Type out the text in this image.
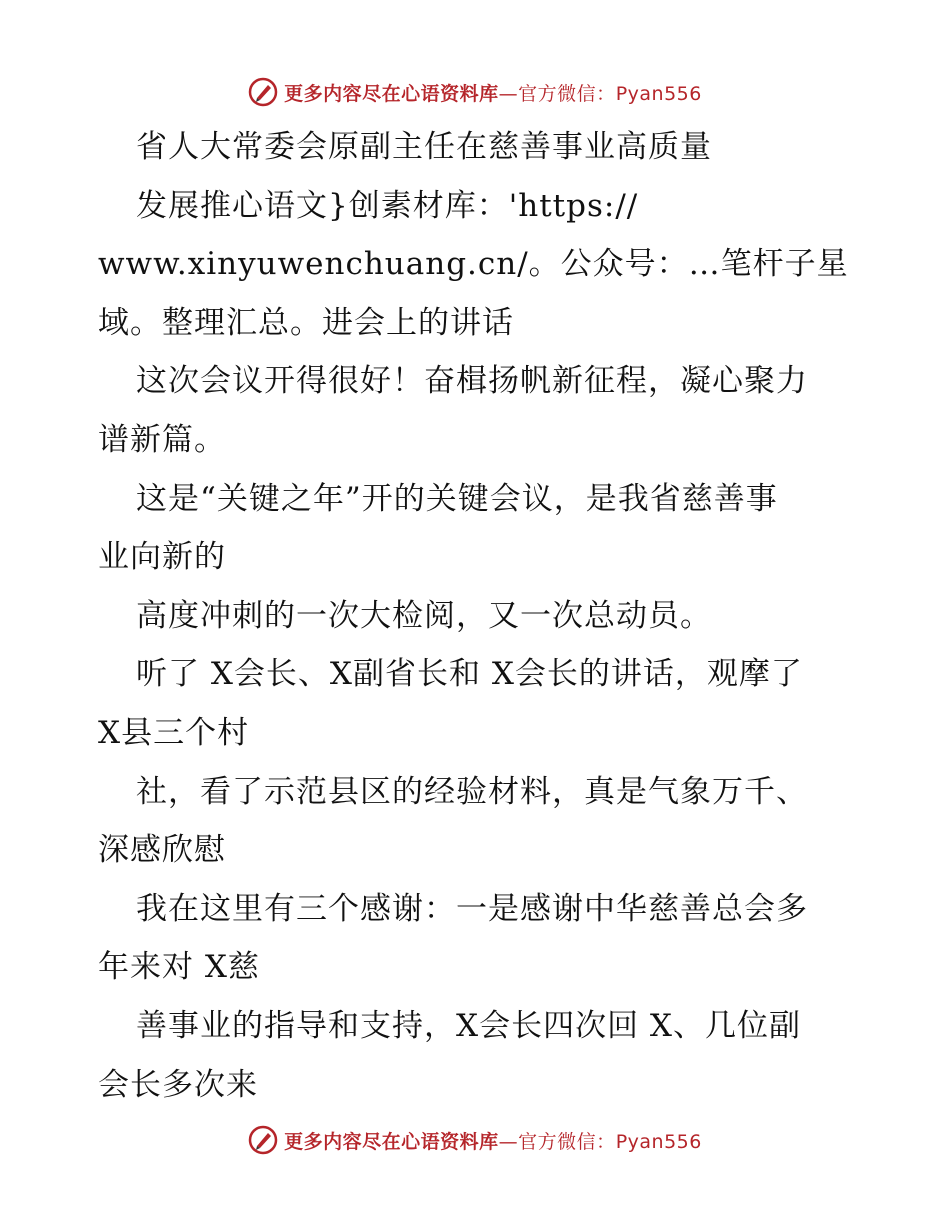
更多内容尽在心语资料库—官方微信：Pyan556
省人大常委会原副主任在慈善事业高质量
发展推心语文}创素材库：'https://
www.xinyuwenchuang.cn/。公众号：…笔杆子星
域。整理汇总。进会上的讲话
这次会议开得很好！奋楫扬帆新征程，凝心聚力
谱新篇。
这是“关键之年”开的关键会议，是我省慈善事
业向新的
高度冲刺的一次大检阅，又一次总动员。
听了 X会长、X副省长和 X会长的讲话，观摩了
X县三个村
社，看了示范县区的经验材料，真是气象万千、
深感欣慰
我在这里有三个感谢：一是感谢中华慈善总会多
年来对 X慈
善事业的指导和支持，X会长四次回 X、几位副
会长多次来
更多内容尽在心语资料库—官方微信：Pyan556
